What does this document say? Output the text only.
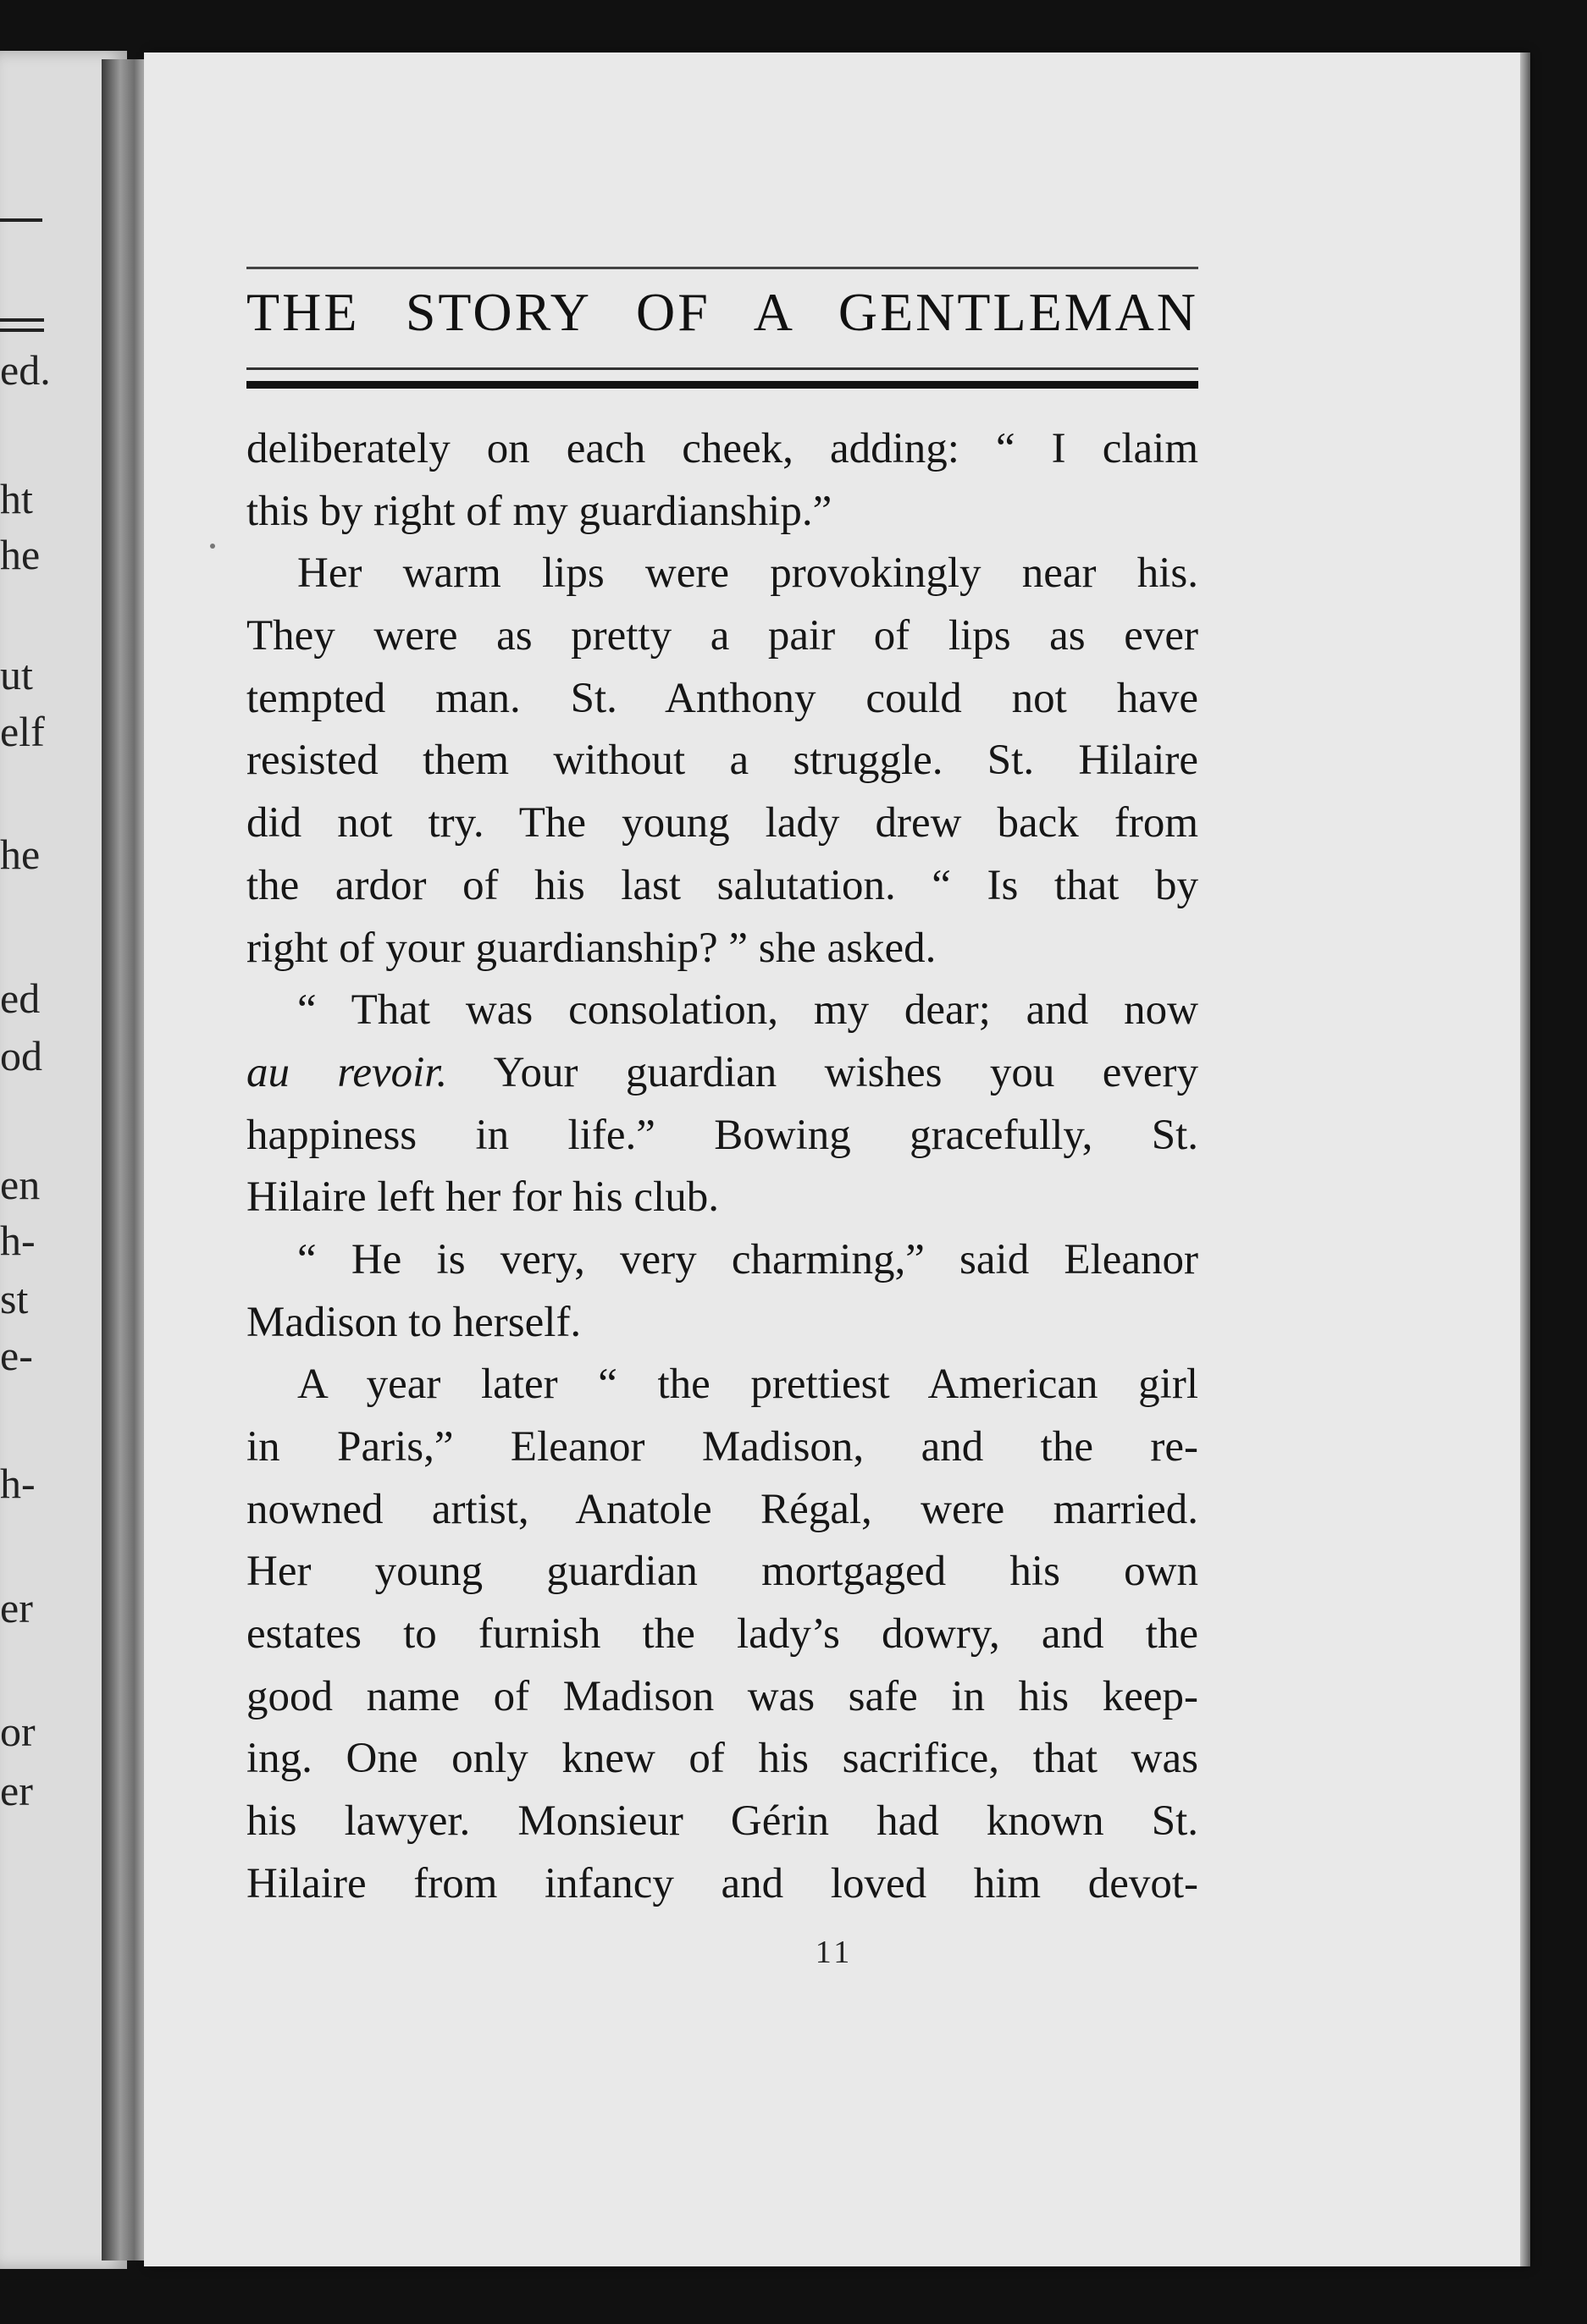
ed.
ht
he
ut
elf
he
ed
od
en
h-
st
e-
h-
er
or
er
THE STORY OF A GENTLEMAN
deliberately on each cheek, adding: “ I claim
this by right of my guardianship.”
Her warm lips were provokingly near his.
They were as pretty a pair of lips as ever
tempted man. St. Anthony could not have
resisted them without a struggle. St. Hilaire
did not try. The young lady drew back from
the ardor of his last salutation. “ Is that by
right of your guardianship? ” she asked.
“ That was consolation, my dear; and now
au revoir. Your guardian wishes you every
happiness in life.” Bowing gracefully, St.
Hilaire left her for his club.
“ He is very, very charming,” said Eleanor
Madison to herself.
A year later “ the prettiest American girl
in Paris,” Eleanor Madison, and the re-
nowned artist, Anatole Régal, were married.
Her young guardian mortgaged his own
estates to furnish the lady’s dowry, and the
good name of Madison was safe in his keep-
ing. One only knew of his sacrifice, that was
his lawyer. Monsieur Gérin had known St.
Hilaire from infancy and loved him devot-
11
